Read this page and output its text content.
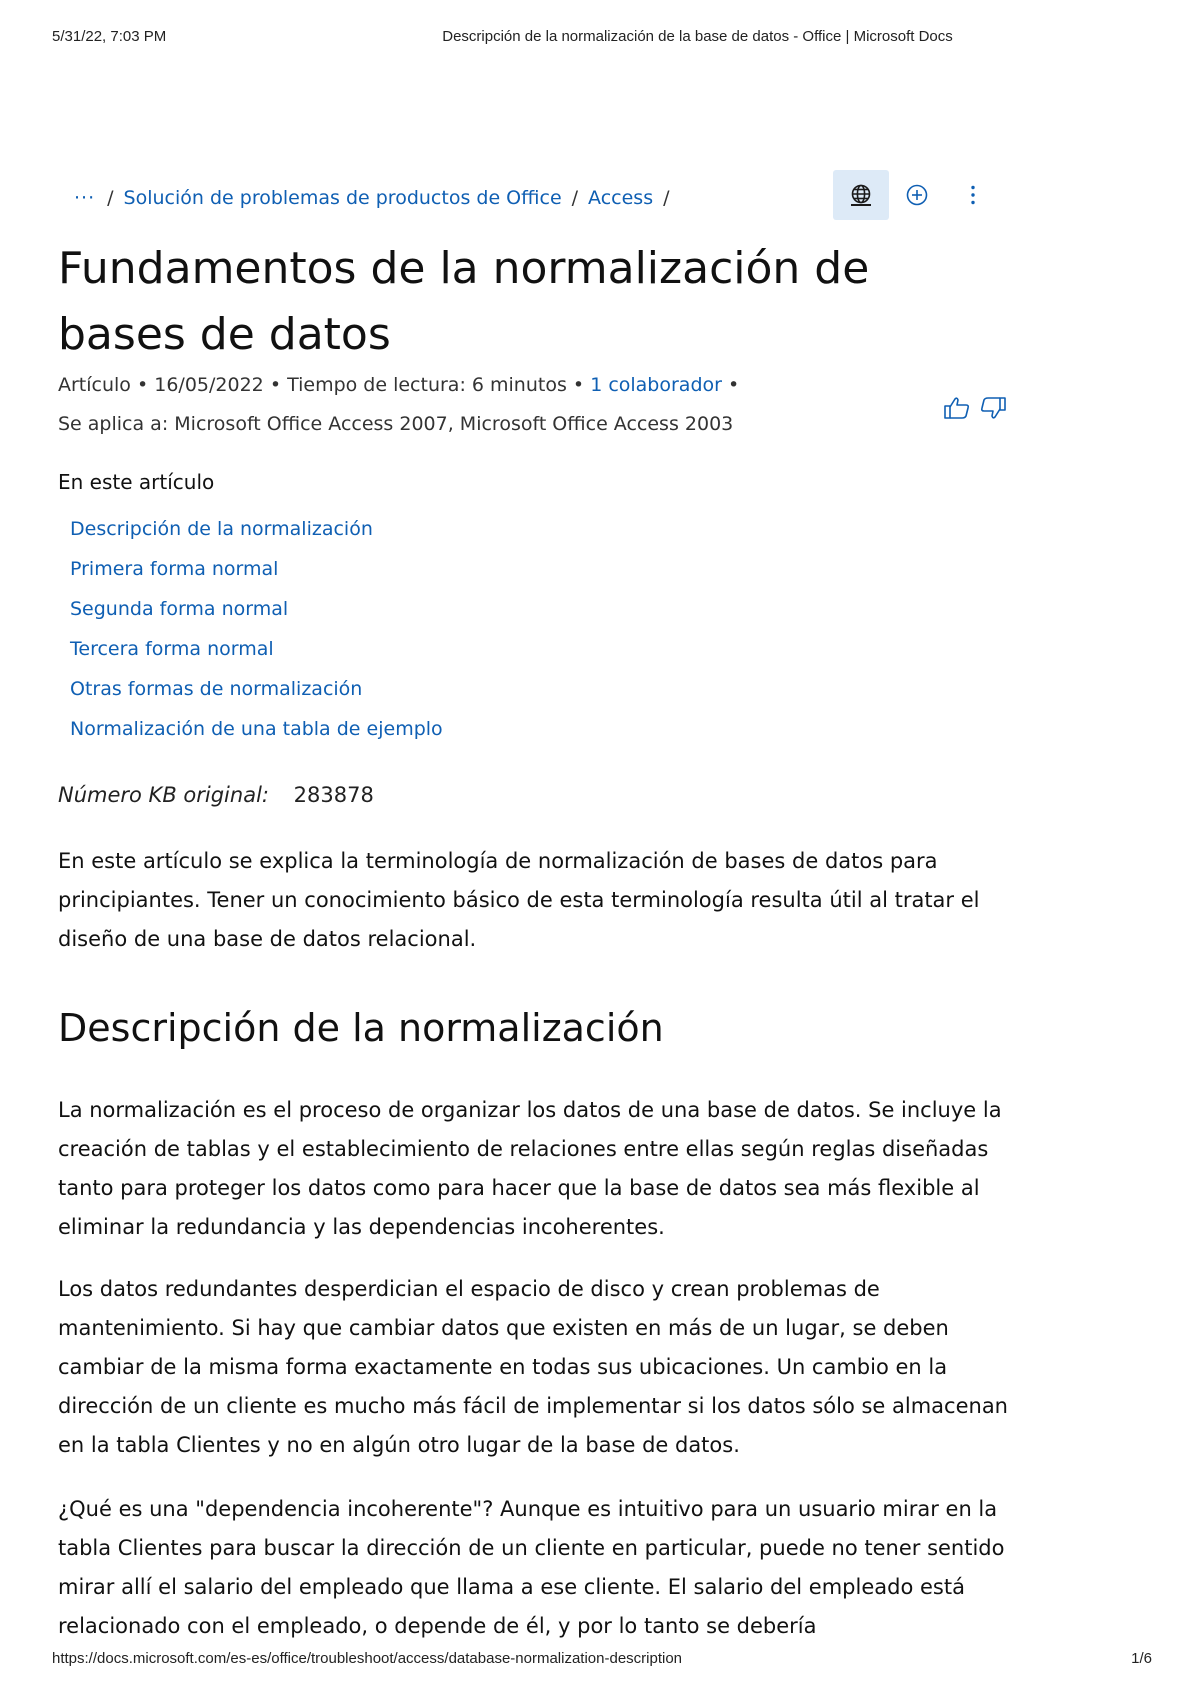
5/31/22, 7:03 PM	Descripción de la normalización de la base de datos - Office | Microsoft Docs
··· / Solución de problemas de productos de Office / Access /
Fundamentos de la normalización de bases de datos
Artículo • 16/05/2022 • Tiempo de lectura: 6 minutos • 1 colaborador •
Se aplica a: Microsoft Office Access 2007, Microsoft Office Access 2003
En este artículo
Descripción de la normalización
Primera forma normal
Segunda forma normal
Tercera forma normal
Otras formas de normalización
Normalización de una tabla de ejemplo
Número KB original: 283878

En este artículo se explica la terminología de normalización de bases de datos para principiantes. Tener un conocimiento básico de esta terminología resulta útil al tratar el diseño de una base de datos relacional.

Descripción de la normalización

La normalización es el proceso de organizar los datos de una base de datos. Se incluye la creación de tablas y el establecimiento de relaciones entre ellas según reglas diseñadas tanto para proteger los datos como para hacer que la base de datos sea más flexible al eliminar la redundancia y las dependencias incoherentes.

Los datos redundantes desperdician el espacio de disco y crean problemas de mantenimiento. Si hay que cambiar datos que existen en más de un lugar, se deben cambiar de la misma forma exactamente en todas sus ubicaciones. Un cambio en la dirección de un cliente es mucho más fácil de implementar si los datos sólo se almacenan en la tabla Clientes y no en algún otro lugar de la base de datos.

¿Qué es una "dependencia incoherente"? Aunque es intuitivo para un usuario mirar en la tabla Clientes para buscar la dirección de un cliente en particular, puede no tener sentido mirar allí el salario del empleado que llama a ese cliente. El salario del empleado está relacionado con el empleado, o depende de él, y por lo tanto se debería

https://docs.microsoft.com/es-es/office/troubleshoot/access/database-normalization-description	1/6
